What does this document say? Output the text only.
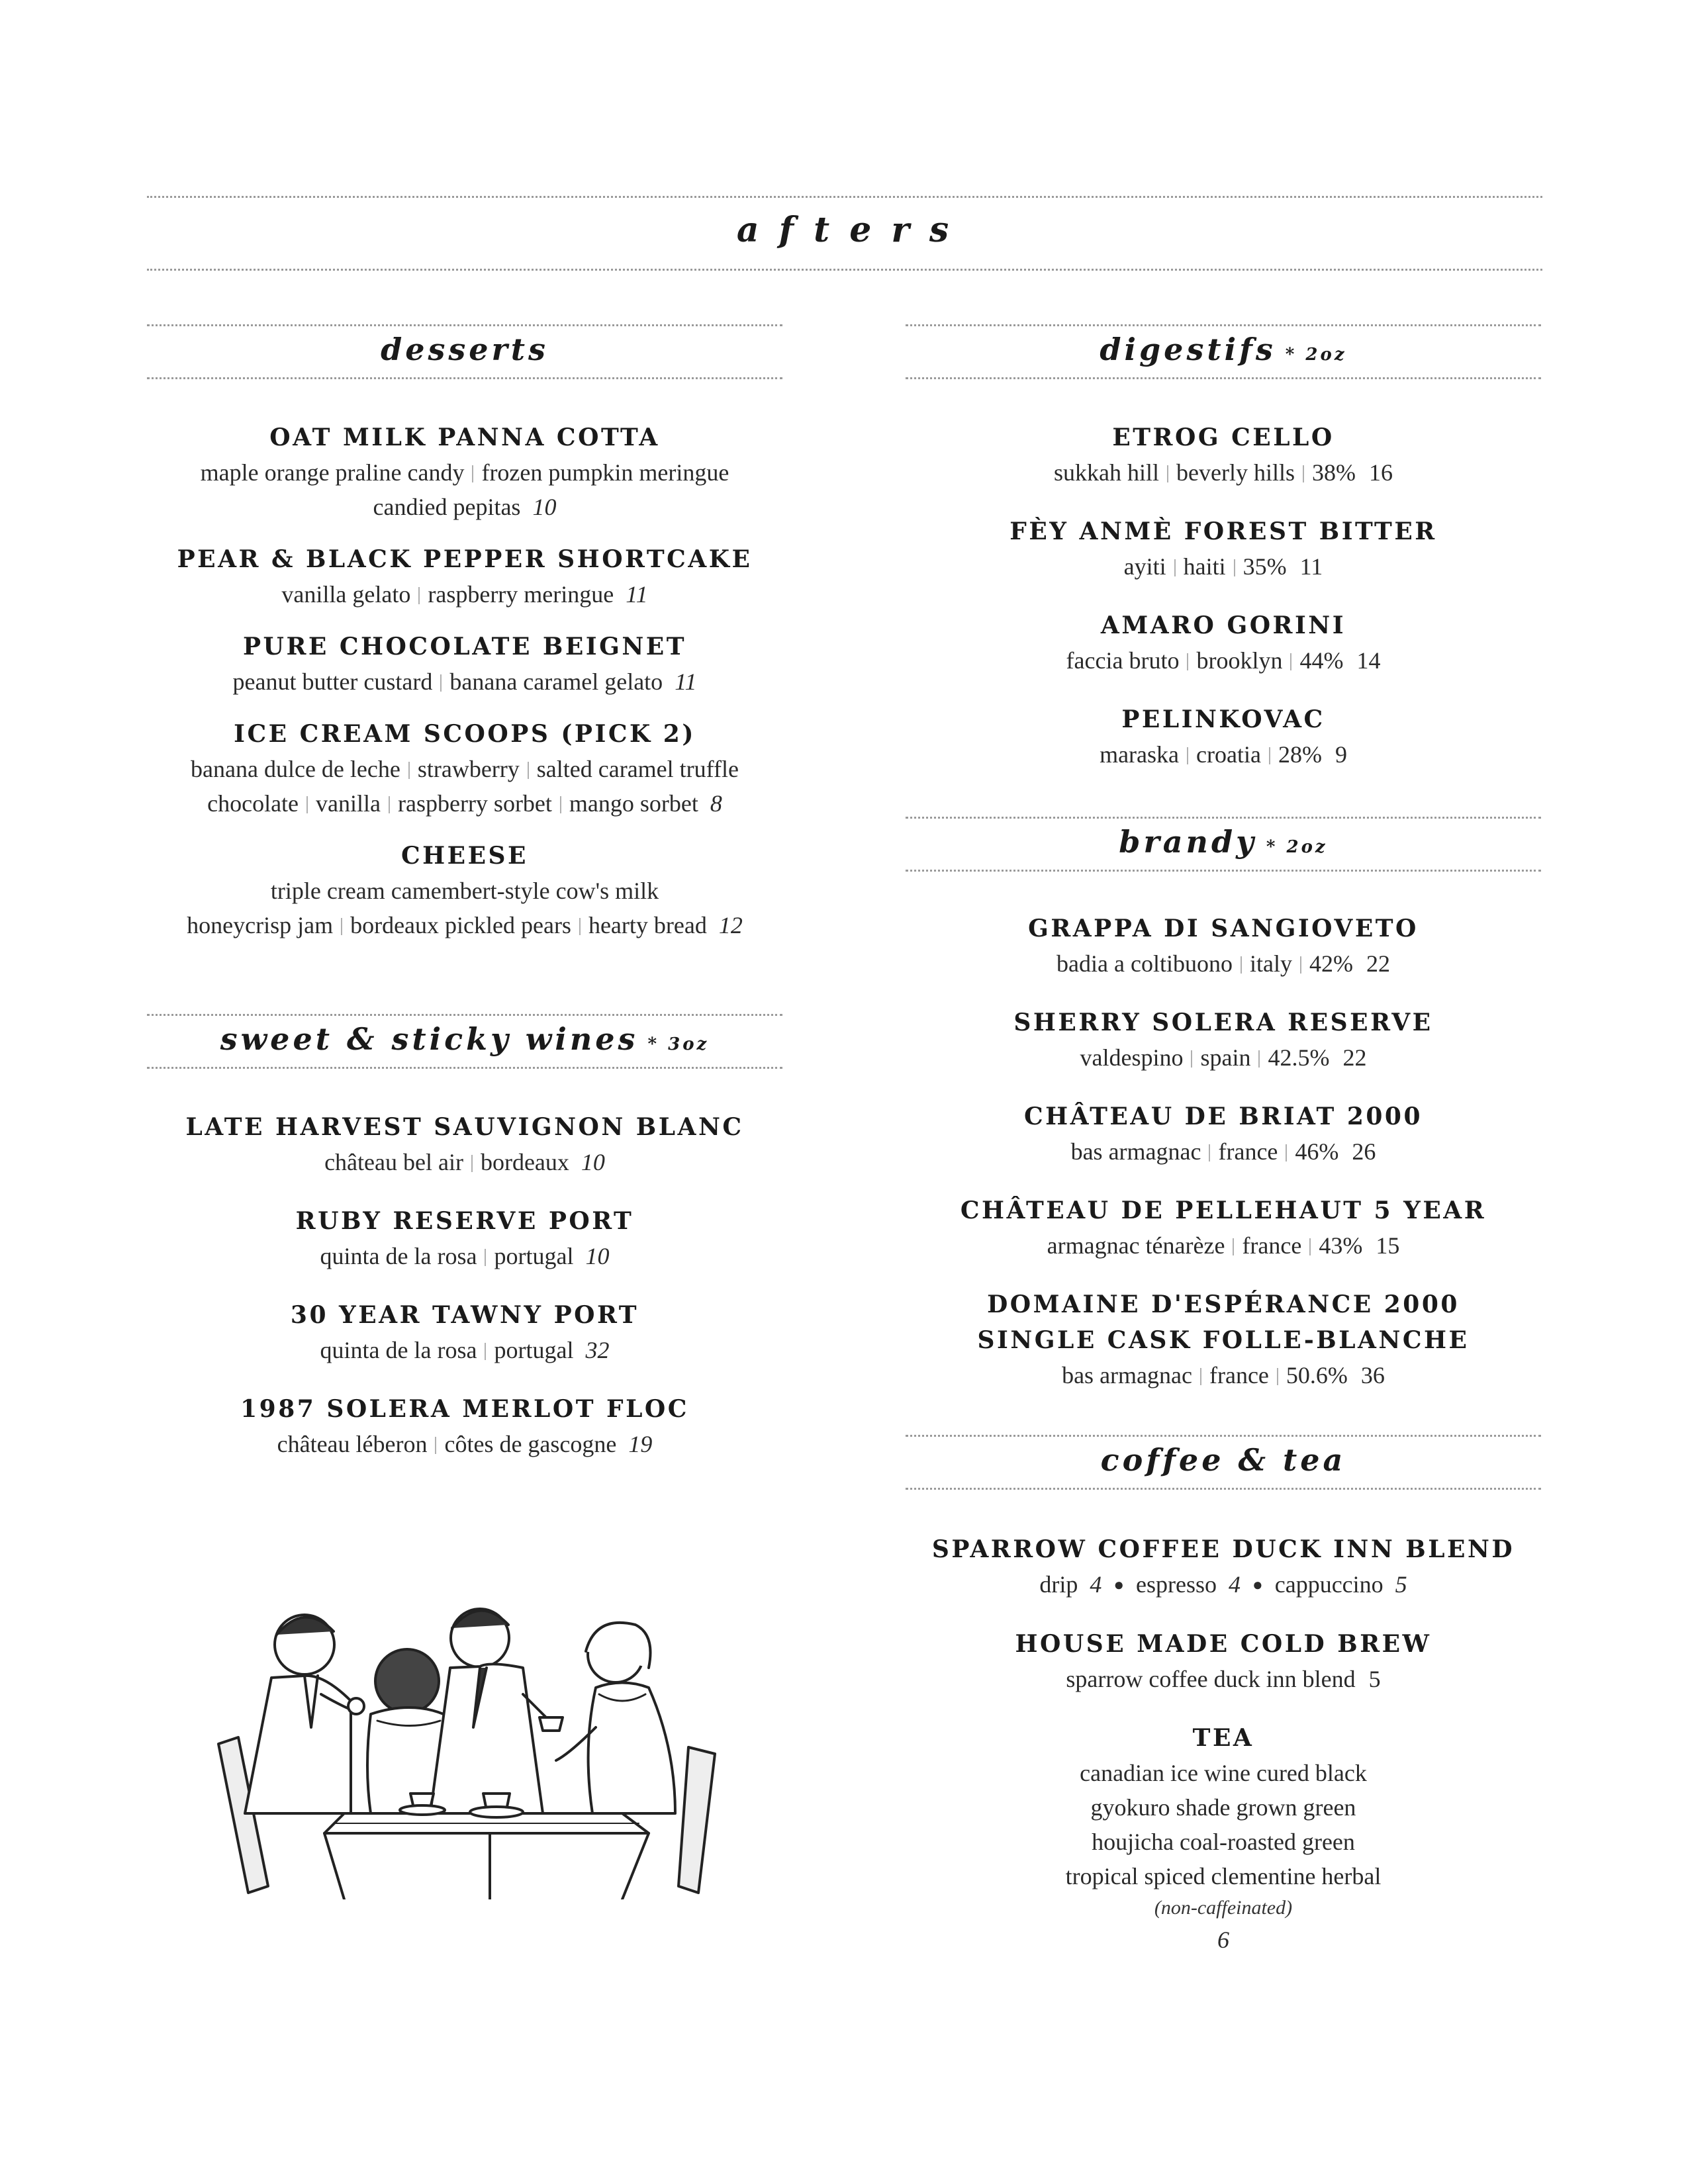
a f t e r s
desserts
OAT MILK PANNA COTTA
maple orange praline candy frozen pumpkin meringue
candied pepitas 10
PEAR & BLACK PEPPER SHORTCAKE
vanilla gelato raspberry meringue 11
PURE CHOCOLATE BEIGNET
peanut butter custard banana caramel gelato 11
ICE CREAM SCOOPS (PICK 2)
banana dulce de leche strawberry salted caramel truffle
chocolate vanilla raspberry sorbet mango sorbet 8
CHEESE
triple cream camembert-style cow's milk
honeycrisp jam bordeaux pickled pears hearty bread 12
sweet & sticky wines * 3oz
LATE HARVEST SAUVIGNON BLANC
château bel air bordeaux 10
RUBY RESERVE PORT
quinta de la rosa portugal 10
30 YEAR TAWNY PORT
quinta de la rosa portugal 32
1987 SOLERA MERLOT FLOC
château léberon côtes de gascogne 19
digestifs * 2oz
ETROG CELLO
sukkah hill beverly hills 38% 16
FÈY ANMÈ FOREST BITTER
ayiti haiti 35% 11
AMARO GORINI
faccia bruto brooklyn 44% 14
PELINKOVAC
maraska croatia 28% 9
brandy * 2oz
GRAPPA DI SANGIOVETO
badia a coltibuono italy 42% 22
SHERRY SOLERA RESERVE
valdespino spain 42.5% 22
CHÂTEAU DE BRIAT 2000
bas armagnac france 46% 26
CHÂTEAU DE PELLEHAUT 5 YEAR
armagnac ténarèze france 43% 15
DOMAINE D'ESPÉRANCE 2000
SINGLE CASK FOLLE-BLANCHE
bas armagnac france 50.6% 36
coffee & tea
SPARROW COFFEE DUCK INN BLEND
drip 4 ● espresso 4 ● cappuccino 5
HOUSE MADE COLD BREW
sparrow coffee duck inn blend 5
TEA
canadian ice wine cured black
gyokuro shade grown green
houjicha coal-roasted green
tropical spiced clementine herbal
(non-caffeinated)
6
